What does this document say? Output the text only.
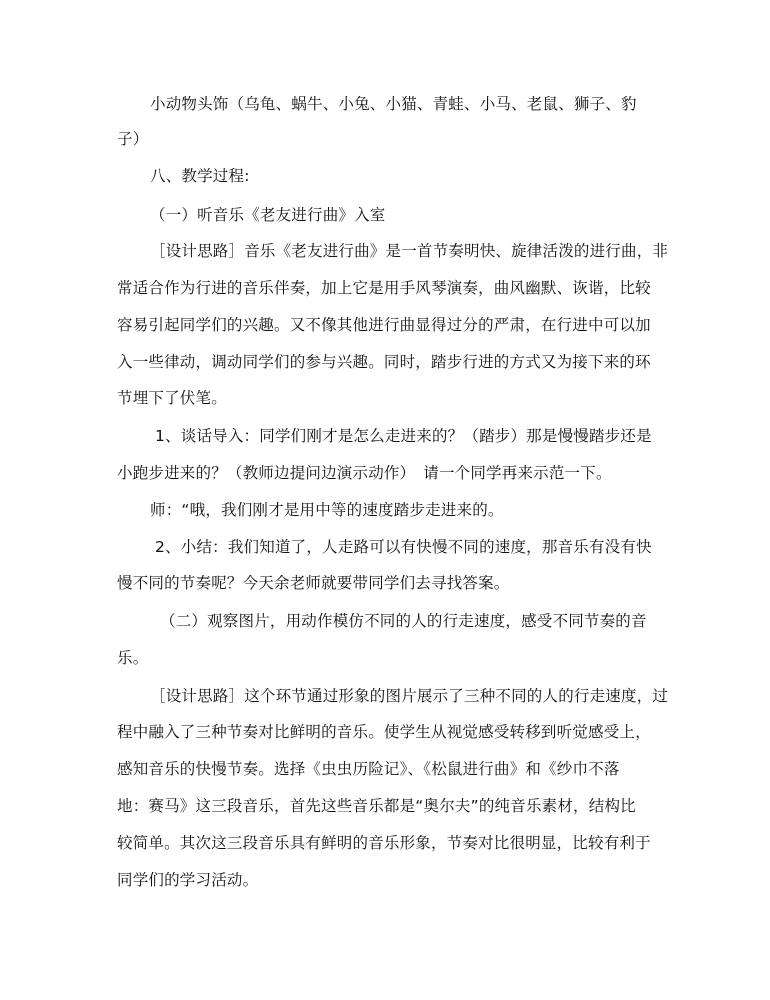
小动物头饰（乌龟、蜗牛、小兔、小猫、青蛙、小马、老鼠、狮子、豹
子）
八、教学过程:
（一）听音乐《老友进行曲》入室
［设计思路］音乐《老友进行曲》是一首节奏明快、旋律活泼的进行曲，非
常适合作为行进的音乐伴奏，加上它是用手风琴演奏，曲风幽默、诙谐，比较
容易引起同学们的兴趣。又不像其他进行曲显得过分的严肃，在行进中可以加
入一些律动，调动同学们的参与兴趣。同时，踏步行进的方式又为接下来的环
节埋下了伏笔。
1、谈话导入：同学们刚才是怎么走进来的？（踏步）那是慢慢踏步还是
小跑步进来的？（教师边提问边演示动作）　请一个同学再来示范一下。
师：“哦，我们刚才是用中等的速度踏步走进来的。
2、小结：我们知道了，人走路可以有快慢不同的速度，那音乐有没有快
慢不同的节奏呢？今天余老师就要带同学们去寻找答案。
（二）观察图片，用动作模仿不同的人的行走速度，感受不同节奏的音
乐。
［设计思路］这个环节通过形象的图片展示了三种不同的人的行走速度，过
程中融入了三种节奏对比鲜明的音乐。使学生从视觉感受转移到听觉感受上，
感知音乐的快慢节奏。选择《虫虫历险记》、《松鼠进行曲》和《纱巾不落
地：赛马》这三段音乐，首先这些音乐都是“奥尔夫”的纯音乐素材，结构比
较简单。其次这三段音乐具有鲜明的音乐形象，节奏对比很明显，比较有利于
同学们的学习活动。
